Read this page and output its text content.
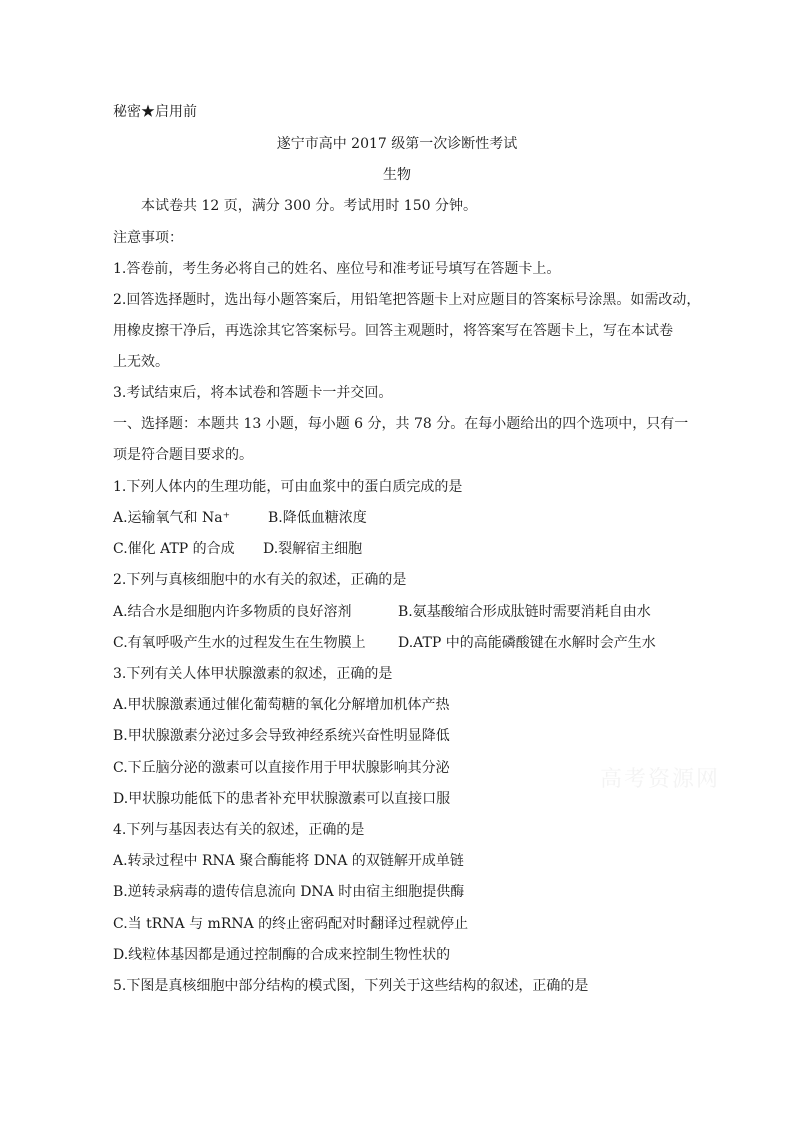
秘密★启用前
遂宁市高中 2017 级第一次诊断性考试
生物
本试卷共 12 页，满分 300 分。考试用时 150 分钟。
注意事项：
1.答卷前，考生务必将自己的姓名、座位号和准考证号填写在答题卡上。
2.回答选择题时，选出每小题答案后，用铅笔把答题卡上对应题目的答案标号涂黑。如需改动，
用橡皮擦干净后，再选涂其它答案标号。回答主观题时，将答案写在答题卡上，写在本试卷
上无效。
3.考试结束后，将本试卷和答题卡一并交回。
一、选择题：本题共 13 小题，每小题 6 分，共 78 分。在每小题给出的四个选项中，只有一
项是符合题目要求的。
1.下列人体内的生理功能，可由血浆中的蛋白质完成的是
A.运输氧气和 Na⁺	B.降低血糖浓度
C.催化 ATP 的合成 D.裂解宿主细胞
2.下列与真核细胞中的水有关的叙述，正确的是
A.结合水是细胞内许多物质的良好溶剂	B.氨基酸缩合形成肽链时需要消耗自由水
C.有氧呼吸产生水的过程发生在生物膜上 D.ATP 中的高能磷酸键在水解时会产生水
3.下列有关人体甲状腺激素的叙述，正确的是
A.甲状腺激素通过催化葡萄糖的氧化分解增加机体产热
B.甲状腺激素分泌过多会导致神经系统兴奋性明显降低
C.下丘脑分泌的激素可以直接作用于甲状腺影响其分泌
D.甲状腺功能低下的患者补充甲状腺激素可以直接口服
4.下列与基因表达有关的叙述，正确的是
A.转录过程中 RNA 聚合酶能将 DNA 的双链解开成单链
B.逆转录病毒的遗传信息流向 DNA 时由宿主细胞提供酶
C.当 tRNA 与 mRNA 的终止密码配对时翻译过程就停止
D.线粒体基因都是通过控制酶的合成来控制生物性状的
5.下图是真核细胞中部分结构的模式图，下列关于这些结构的叙述，正确的是
高考资源网
